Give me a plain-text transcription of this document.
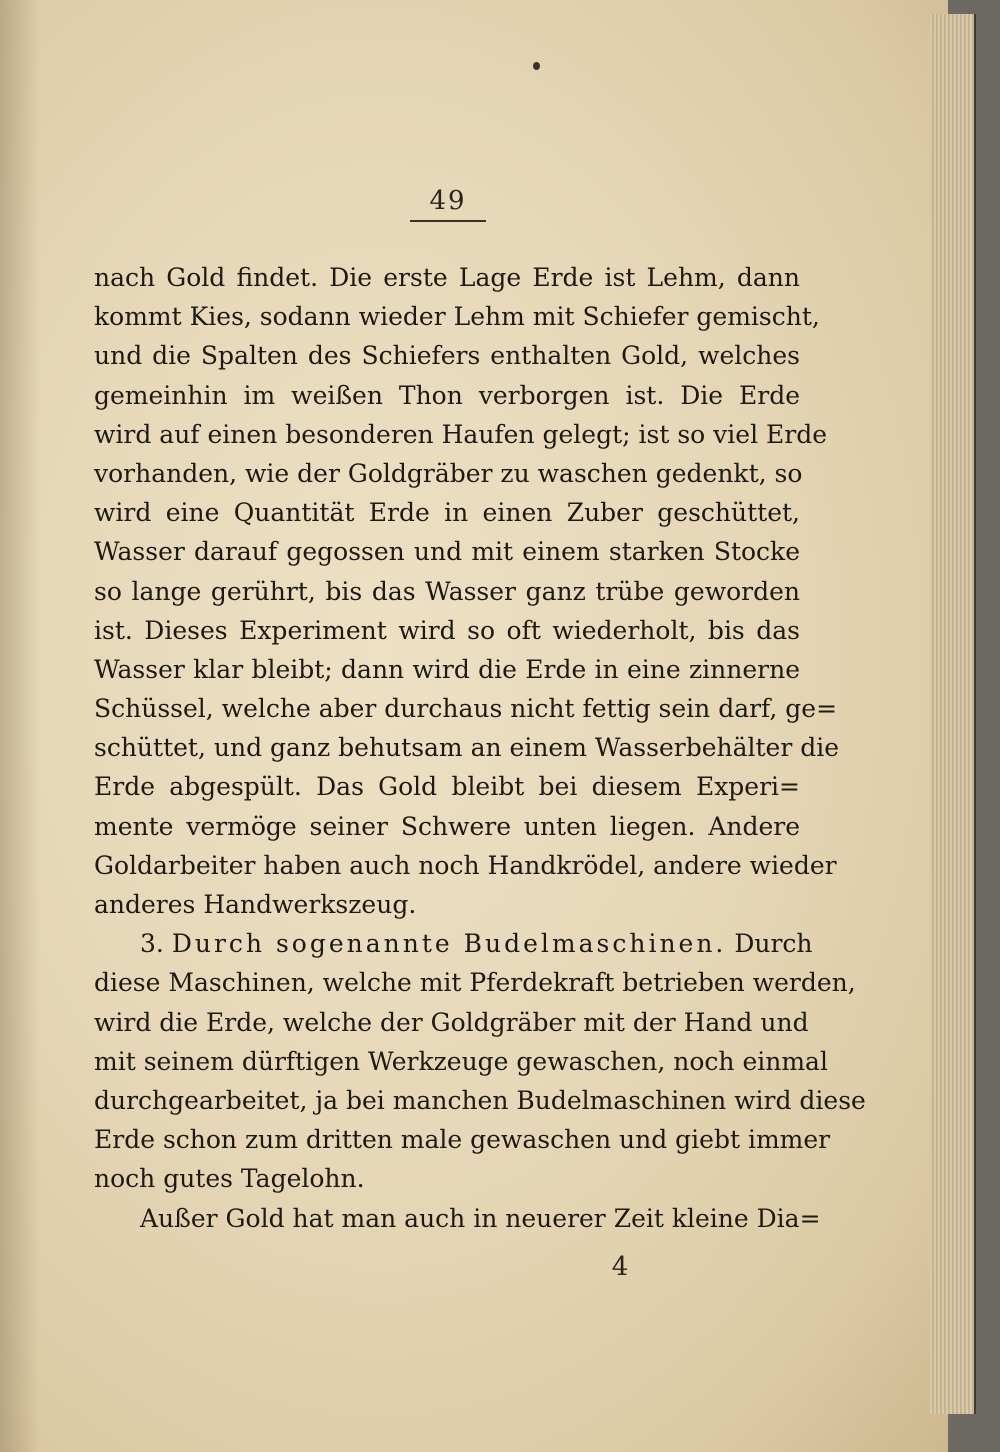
49
nach Gold findet. Die erste Lage Erde ist Lehm, dann
kommt Kies, sodann wieder Lehm mit Schiefer gemischt,
und die Spalten des Schiefers enthalten Gold, welches
gemeinhin im weißen Thon verborgen ist. Die Erde
wird auf einen besonderen Haufen gelegt; ist so viel Erde
vorhanden, wie der Goldgräber zu waschen gedenkt, so
wird eine Quantität Erde in einen Zuber geschüttet,
Wasser darauf gegossen und mit einem starken Stocke
so lange gerührt, bis das Wasser ganz trübe geworden
ist. Dieses Experiment wird so oft wiederholt, bis das
Wasser klar bleibt; dann wird die Erde in eine zinnerne
Schüssel, welche aber durchaus nicht fettig sein darf, ge=
schüttet, und ganz behutsam an einem Wasserbehälter die
Erde abgespült. Das Gold bleibt bei diesem Experi=
mente vermöge seiner Schwere unten liegen. Andere
Goldarbeiter haben auch noch Handkrödel, andere wieder
anderes Handwerkszeug.
3. Durch sogenannte Budelmaschinen. Durch
diese Maschinen, welche mit Pferdekraft betrieben werden,
wird die Erde, welche der Goldgräber mit der Hand und
mit seinem dürftigen Werkzeuge gewaschen, noch einmal
durchgearbeitet, ja bei manchen Budelmaschinen wird diese
Erde schon zum dritten male gewaschen und giebt immer
noch gutes Tagelohn.
Außer Gold hat man auch in neuerer Zeit kleine Dia=
4
